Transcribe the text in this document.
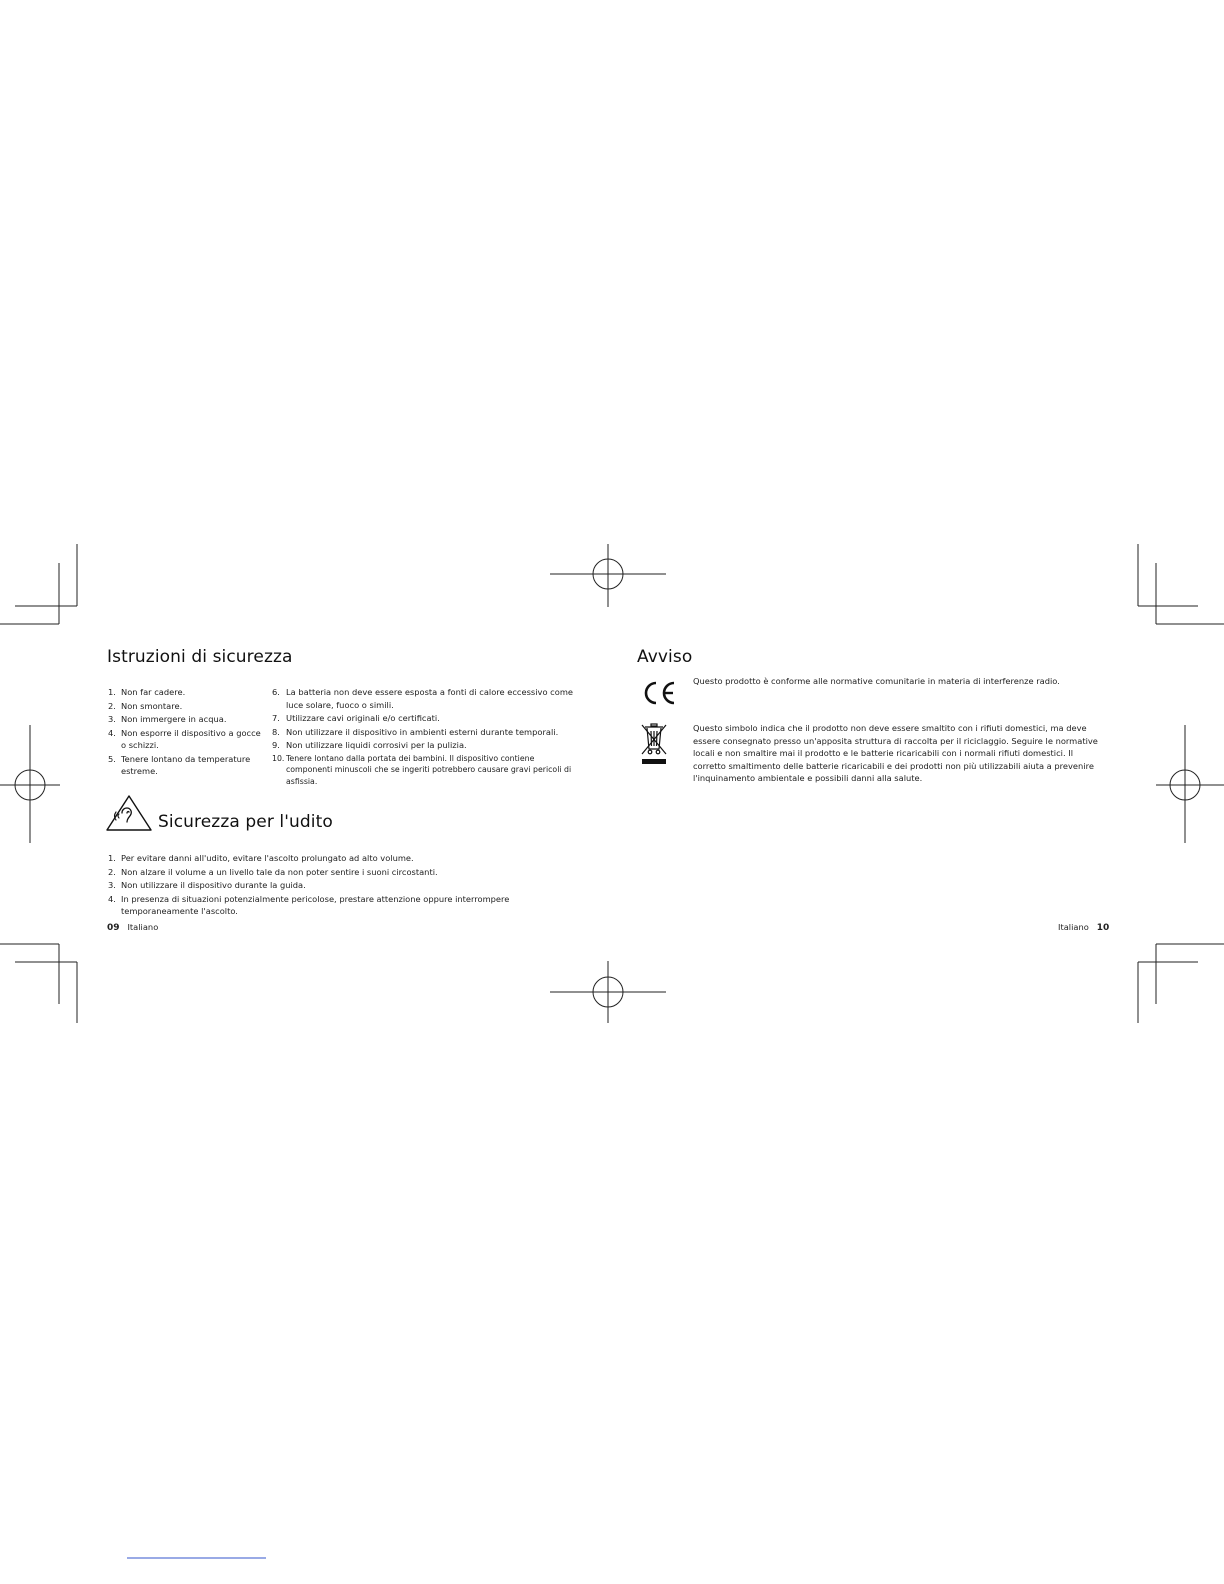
Istruzioni di sicurezza
1. Non far cadere.
2. Non smontare.
3. Non immergere in acqua.
4. Non esporre il dispositivo a gocce o schizzi.
5. Tenere lontano da temperature estreme.
6. La batteria non deve essere esposta a fonti di calore eccessivo come luce solare, fuoco o simili.
7. Utilizzare cavi originali e/o certificati.
8. Non utilizzare il dispositivo in ambienti esterni durante temporali.
9. Non utilizzare liquidi corrosivi per la pulizia.
10. Tenere lontano dalla portata dei bambini. Il dispositivo contiene componenti minuscoli che se ingeriti potrebbero causare gravi pericoli di asfissia.
Sicurezza per l'udito
1. Per evitare danni all'udito, evitare l'ascolto prolungato ad alto volume.
2. Non alzare il volume a un livello tale da non poter sentire i suoni circostanti.
3. Non utilizzare il dispositivo durante la guida.
4. In presenza di situazioni potenzialmente pericolose, prestare attenzione oppure interrompere temporaneamente l'ascolto.
09 Italiano
Avviso

Questo prodotto è conforme alle normative comunitarie in materia di interferenze radio.

Questo simbolo indica che il prodotto non deve essere smaltito con i rifiuti domestici, ma deve essere consegnato presso un'apposita struttura di raccolta per il riciclaggio. Seguire le normative locali e non smaltire mai il prodotto e le batterie ricaricabili con i normali rifiuti domestici. Il corretto smaltimento delle batterie ricaricabili e dei prodotti non più utilizzabili aiuta a prevenire l'inquinamento ambientale e possibili danni alla salute.

Italiano 10
